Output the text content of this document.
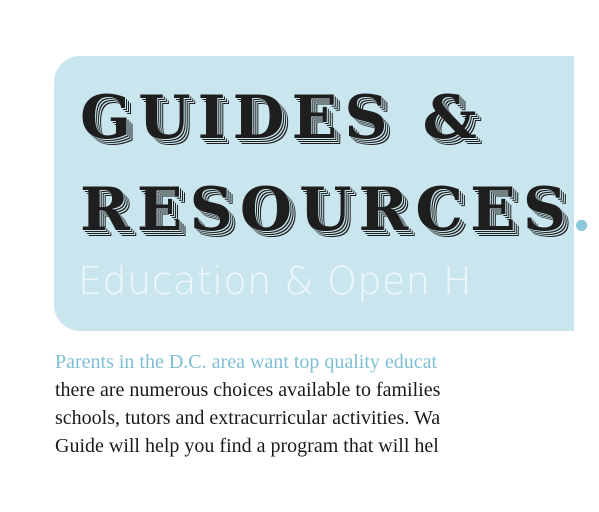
GUIDES &
RESOURCES.

Education & Open H

Parents in the D.C. area want top quality educat
there are numerous choices available to families
schools, tutors and extracurricular activities. Wa
Guide will help you find a program that will hel
